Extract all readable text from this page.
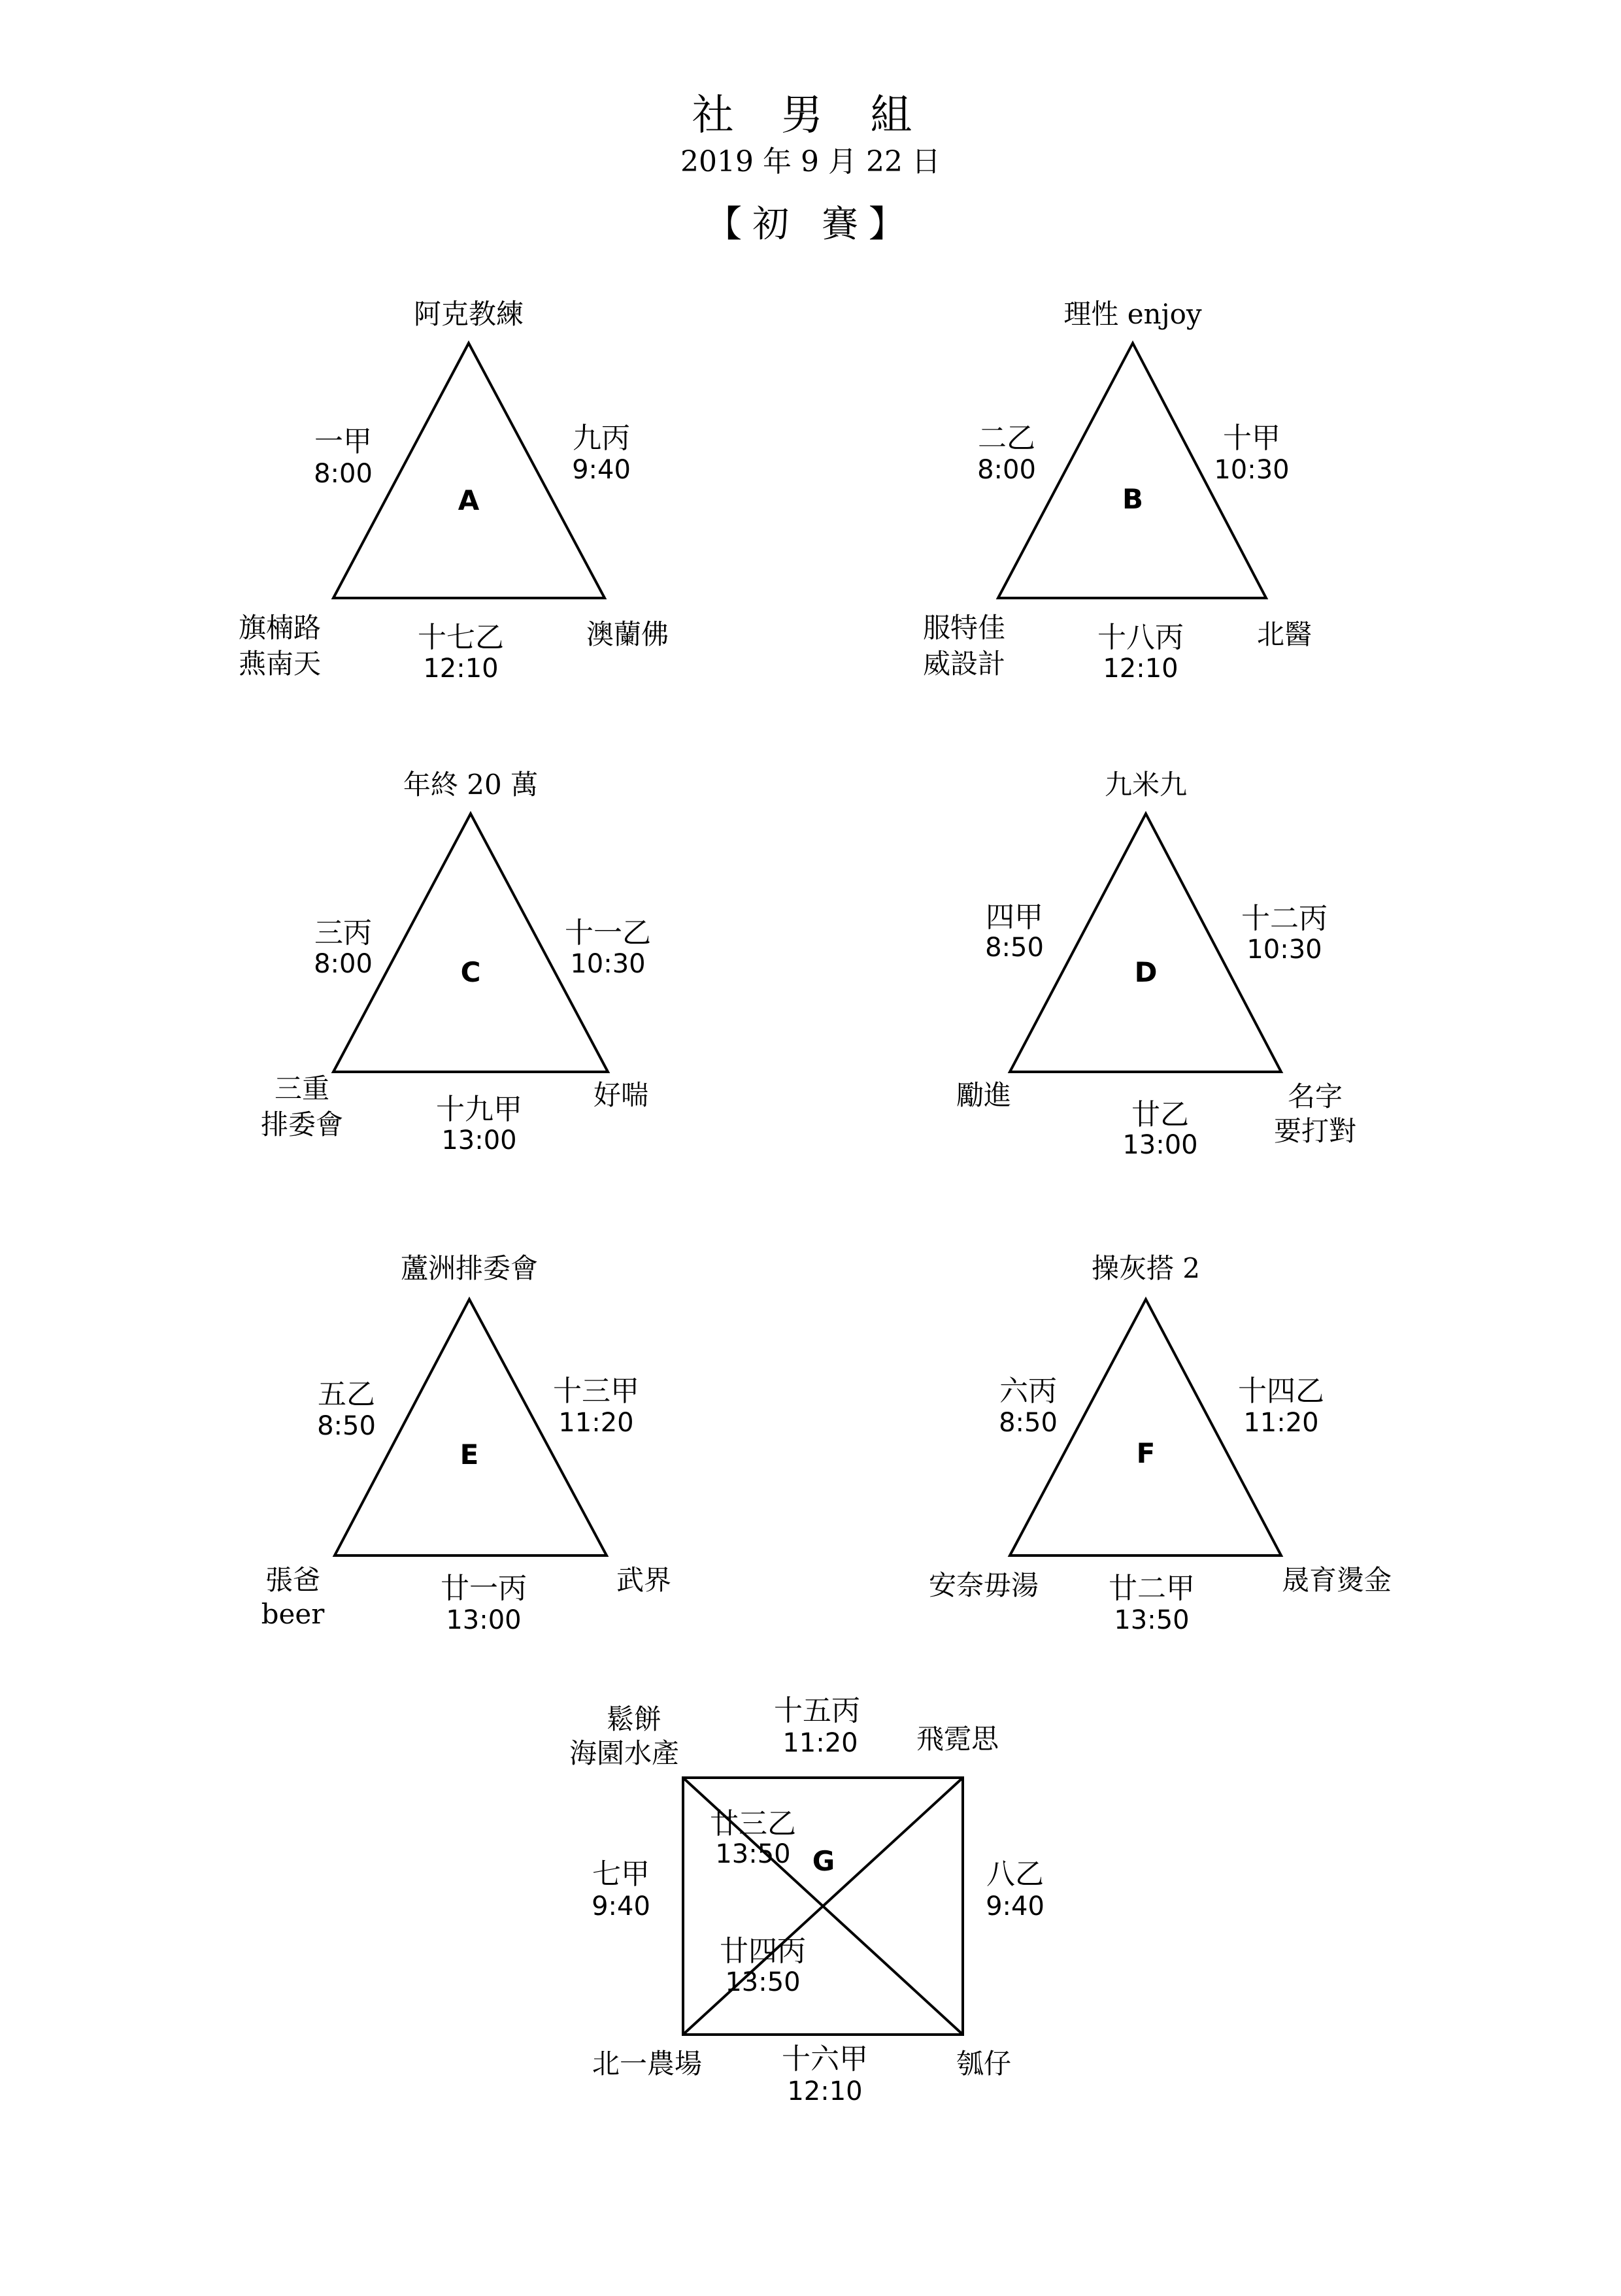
社 男 組
2019 年 9 月 22 日
【初 賽】
A
阿克教練
旗楠路
燕南天
澳蘭佛
一甲
8:00
九丙
9:40
十七乙
12:10
B
理性 enjoy
服特佳
威設計
北醫
二乙
8:00
十甲
10:30
十八丙
12:10
C
年終 20 萬
三重
排委會
好喘
三丙
8:00
十一乙
10:30
十九甲
13:00
D
九米九
勵進	名字
要打對
四甲
8:50
十二丙
10:30
廿乙
13:00
E
蘆洲排委會
張爸
beer
武界
五乙
8:50
十三甲
11:20
廿一丙
13:00
F
操灰搭 2
安奈毋湯	晟育燙金
六丙
8:50
十四乙
11:20
廿二甲
13:50
G
鬆餅
海園水產	飛霓思
北一農場	瓠仔
十五丙
11:20
七甲
9:40
八乙
9:40
十六甲
12:10
廿三乙
13:50
廿四丙
13:50
